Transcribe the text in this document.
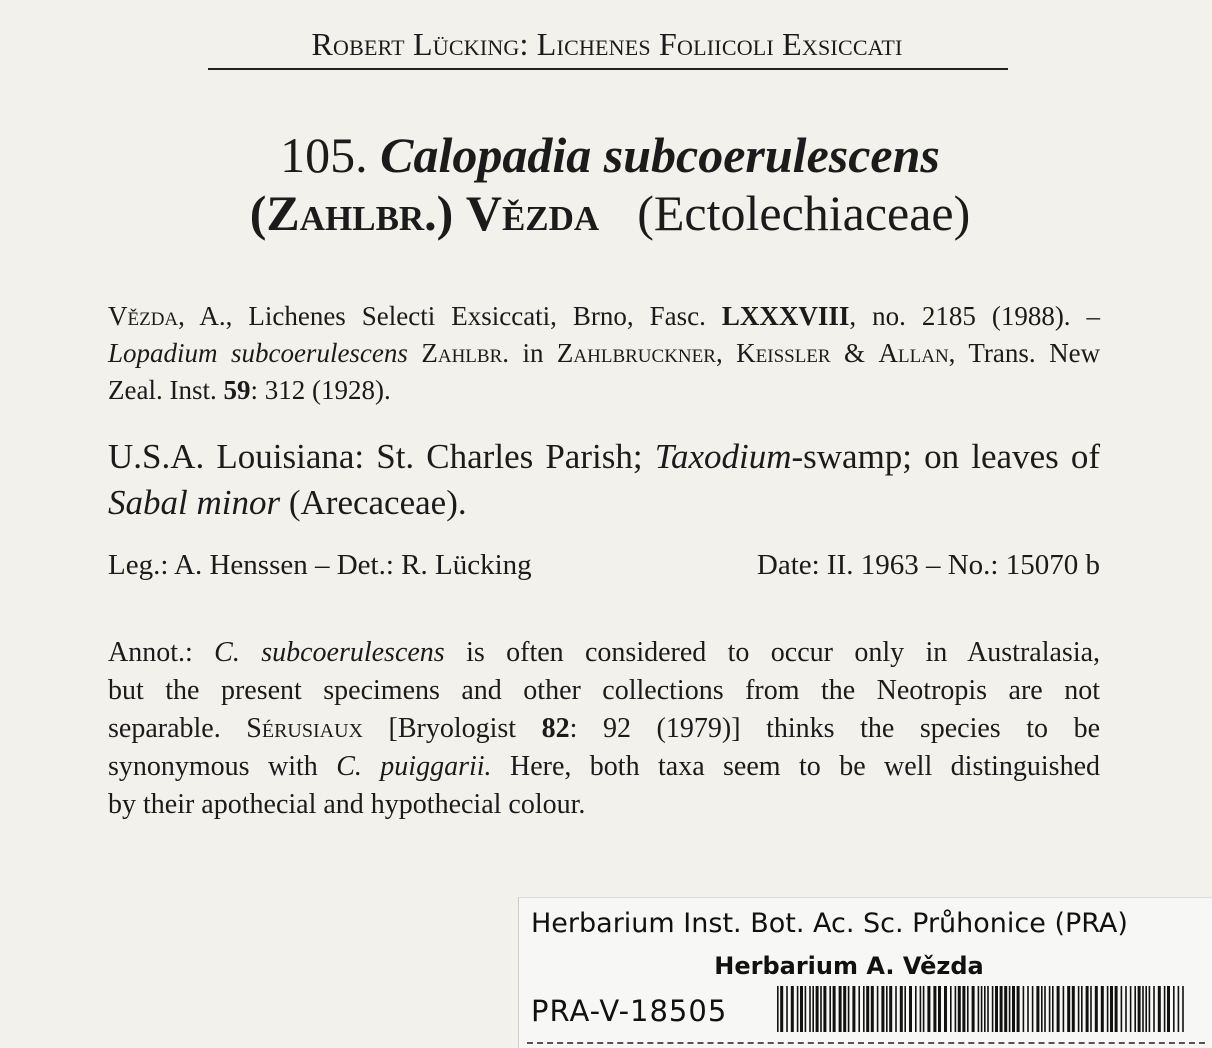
Robert Lücking: Lichenes Foliicoli Exsiccati
105. Calopadia subcoerulescens
(Zahlbr.) Vězda (Ectolechiaceae)
Vězda, A., Lichenes Selecti Exsiccati, Brno, Fasc. LXXXVIII, no. 2185 (1988). – Lopadium subcoerulescens Zahlbr. in Zahlbruckner, Keissler & Allan, Trans. New Zeal. Inst. 59: 312 (1928).
U.S.A. Louisiana: St. Charles Parish; Taxodium-swamp; on leaves of Sabal minor (Arecaceae).
Leg.: A. Henssen – Det.: R. Lücking	Date: II. 1963 – No.: 15070 b
Annot.: C. subcoerulescens is often considered to occur only in Australasia,
but the present specimens and other collections from the Neotropis are not
separable. Sérusiaux [Bryologist 82: 92 (1979)] thinks the species to be
synonymous with C. puiggarii. Here, both taxa seem to be well distinguished
by their apothecial and hypothecial colour.
Herbarium Inst. Bot. Ac. Sc. Průhonice (PRA)
Herbarium A. Vězda
PRA-V-18505
